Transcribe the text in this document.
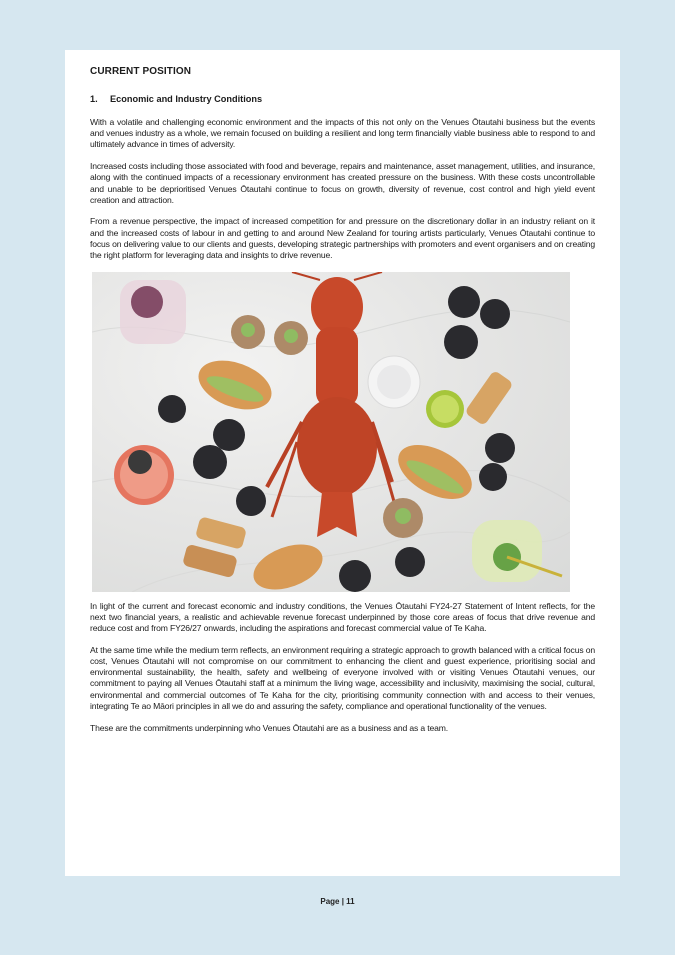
CURRENT POSITION
1. Economic and Industry Conditions

With a volatile and challenging economic environment and the impacts of this not only on the Venues Ōtautahi business but the events and venues industry as a whole, we remain focused on building a resilient and long term financially viable business able to respond to and ultimately advance in times of adversity.

Increased costs including those associated with food and beverage, repairs and maintenance, asset management, utilities, and insurance, along with the continued impacts of a recessionary environment has created pressure on the business. With these costs uncontrollable and unable to be deprioritised Venues Ōtautahi continue to focus on growth, diversity of revenue, cost control and high yield event creation and attraction.

From a revenue perspective, the impact of increased competition for and pressure on the discretionary dollar in an industry reliant on it and the increased costs of labour in and getting to and around New Zealand for touring artists particularly, Venues Ōtautahi continue to focus on delivering value to our clients and guests, developing strategic partnerships with promoters and event organisers and on creating the right platform for leveraging data and insights to drive revenue.

In light of the current and forecast economic and industry conditions, the Venues Ōtautahi FY24-27 Statement of Intent reflects, for the next two financial years, a realistic and achievable revenue forecast underpinned by those core areas of focus that drive revenue and reduce cost and from FY26/27 onwards, including the aspirations and forecast commercial value of Te Kaha.

At the same time while the medium term reflects, an environment requiring a strategic approach to growth balanced with a critical focus on cost, Venues Ōtautahi will not compromise on our commitment to enhancing the client and guest experience, prioritising social and environmental sustainability, the health, safety and wellbeing of everyone involved with or visiting Venues Ōtautahi venues, our commitment to paying all Venues Ōtautahi staff at a minimum the living wage, accessibility and inclusivity, maximising the social, cultural, environmental and commercial outcomes of Te Kaha for the city, prioritising community connection with and access to their venues, integrating Te ao Māori principles in all we do and assuring the safety, compliance and operational functionality of the venues.

These are the commitments underpinning who Venues Ōtautahi are as a business and as a team.

Page | 11
